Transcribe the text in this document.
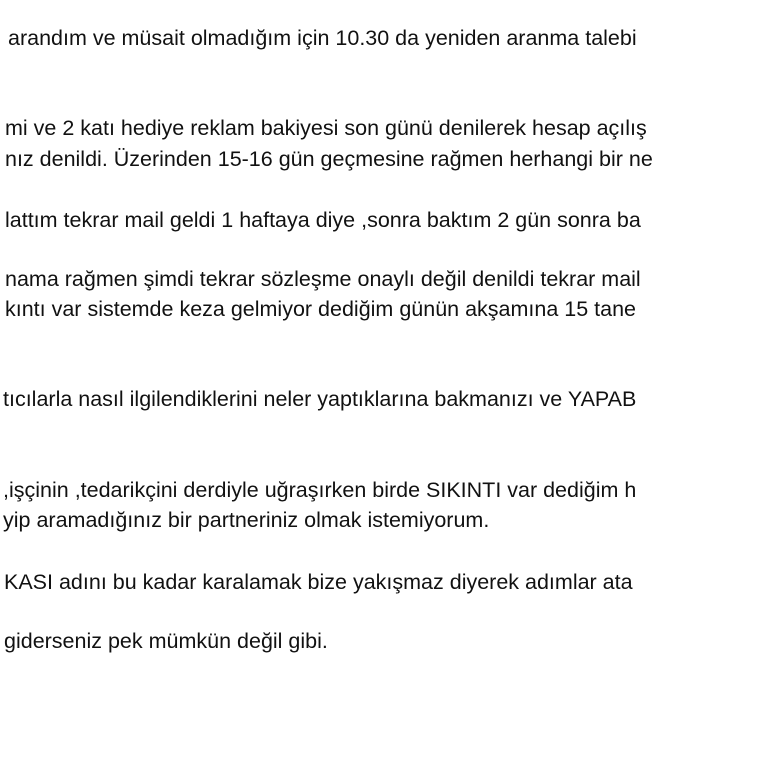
arandım ve müsait olmadığım için 10.30 da yeniden aranma talebi
mi ve 2 katı hediye reklam bakiyesi son günü denilerek hesap açılış
nız denildi. Üzerinden 15-16 gün geçmesine rağmen herhangi bir ne
lattım tekrar mail geldi 1 haftaya diye ,sonra baktım 2 gün sonra ba
nama rağmen şimdi tekrar sözleşme onaylı değil denildi tekrar mail
kıntı var sistemde keza gelmiyor dediğim günün akşamına 15 tane
tıcılarla nasıl ilgilendiklerini neler yaptıklarına bakmanızı ve YAPAB
,işçinin ,tedarikçini derdiyle uğraşırken birde SIKINTI var dediğim h
yip aramadığınız bir partneriniz olmak istemiyorum.
KASI adını bu kadar karalamak bize yakışmaz diyerek adımlar ata
giderseniz pek mümkün değil gibi.
